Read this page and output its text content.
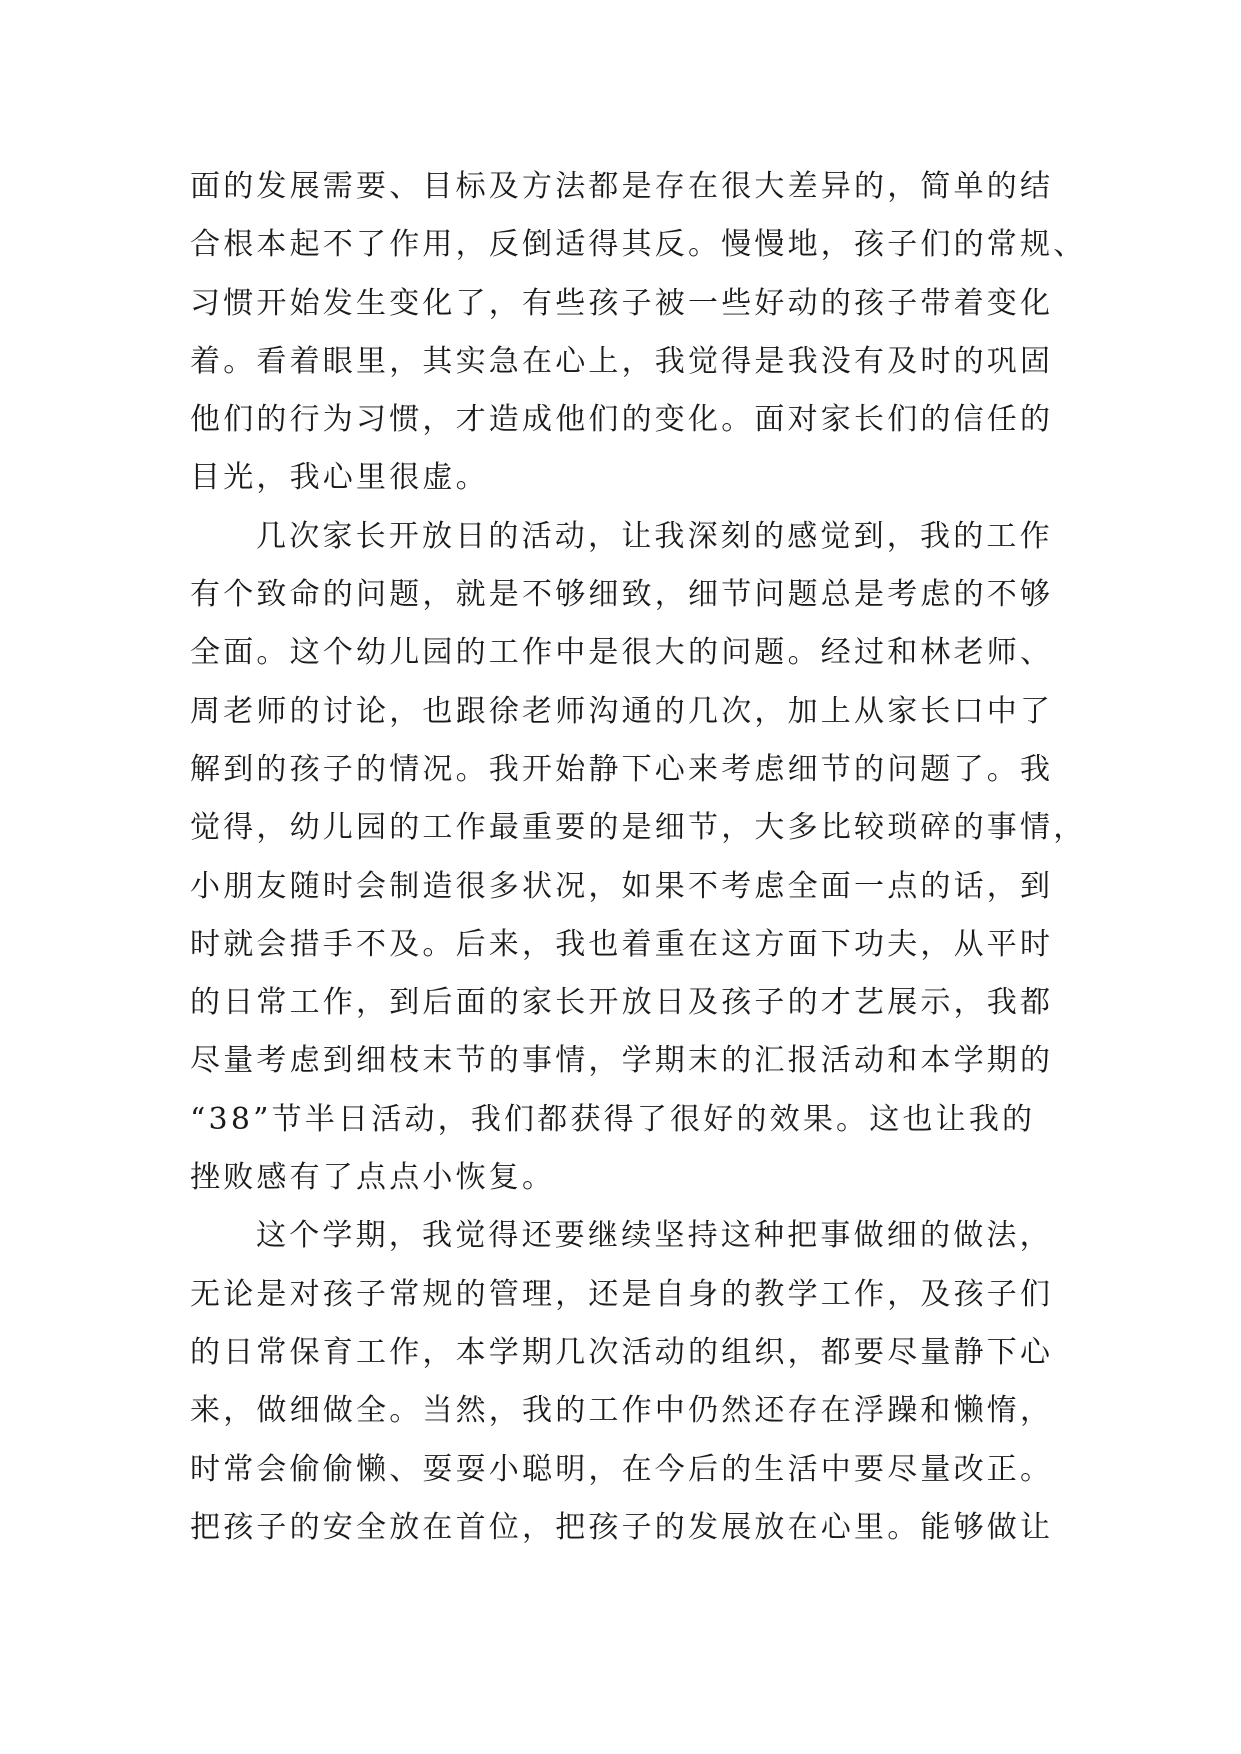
面的发展需要、目标及方法都是存在很大差异的，简单的结
合根本起不了作用，反倒适得其反。慢慢地，孩子们的常规、
习惯开始发生变化了，有些孩子被一些好动的孩子带着变化
着。看着眼里，其实急在心上，我觉得是我没有及时的巩固
他们的行为习惯，才造成他们的变化。面对家长们的信任的
目光，我心里很虚。
几次家长开放日的活动，让我深刻的感觉到，我的工作
有个致命的问题，就是不够细致，细节问题总是考虑的不够
全面。这个幼儿园的工作中是很大的问题。经过和林老师、
周老师的讨论，也跟徐老师沟通的几次，加上从家长口中了
解到的孩子的情况。我开始静下心来考虑细节的问题了。我
觉得，幼儿园的工作最重要的是细节，大多比较琐碎的事情，
小朋友随时会制造很多状况，如果不考虑全面一点的话，到
时就会措手不及。后来，我也着重在这方面下功夫，从平时
的日常工作，到后面的家长开放日及孩子的才艺展示，我都
尽量考虑到细枝末节的事情，学期末的汇报活动和本学期的
“38”节半日活动，我们都获得了很好的效果。这也让我的
挫败感有了点点小恢复。
这个学期，我觉得还要继续坚持这种把事做细的做法，
无论是对孩子常规的管理，还是自身的教学工作，及孩子们
的日常保育工作，本学期几次活动的组织，都要尽量静下心
来，做细做全。当然，我的工作中仍然还存在浮躁和懒惰，
时常会偷偷懒、耍耍小聪明，在今后的生活中要尽量改正。
把孩子的安全放在首位，把孩子的发展放在心里。能够做让
